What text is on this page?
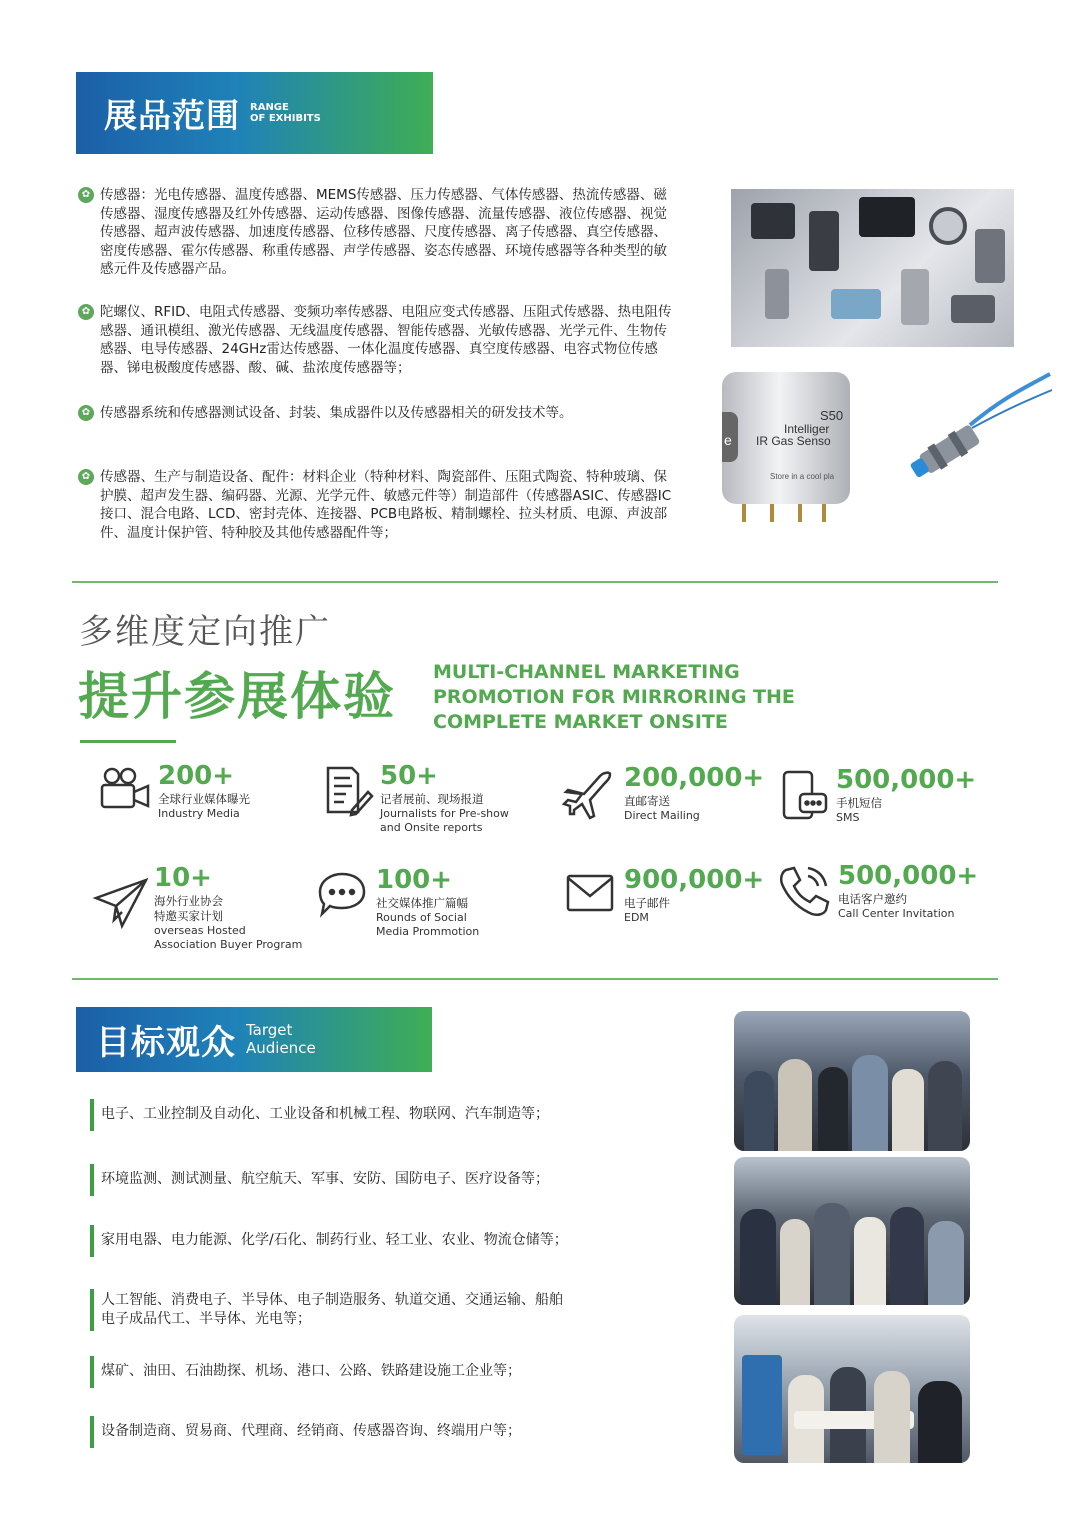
展品范围 RANGE
OF EXHIBITS
✿ 传感器：光电传感器、温度传感器、MEMS传感器、压力传感器、气体传感器、热流传感器、磁传感器、湿度传感器及红外传感器、运动传感器、图像传感器、流量传感器、液位传感器、视觉传感器、超声波传感器、加速度传感器、位移传感器、尺度传感器、离子传感器、真空传感器、密度传感器、霍尔传感器、称重传感器、声学传感器、姿态传感器、环境传感器等各种类型的敏感元件及传感器产品。
✿ 陀螺仪、RFID、电阻式传感器、变频功率传感器、电阻应变式传感器、压阻式传感器、热电阻传感器、通讯模组、激光传感器、无线温度传感器、智能传感器、光敏传感器、光学元件、生物传感器、电导传感器、24GHz雷达传感器、一体化温度传感器、真空度传感器、电容式物位传感器、锑电极酸度传感器、酸、碱、盐浓度传感器等；
✿ 传感器系统和传感器测试设备、封装、集成器件以及传感器相关的研发技术等。
✿ 传感器、生产与制造设备、配件：材料企业（特种材料、陶瓷部件、压阻式陶瓷、特种玻璃、保护膜、超声发生器、编码器、光源、光学元件、敏感元件等）制造部件（传感器ASIC、传感器IC接口、混合电路、LCD、密封壳体、连接器、PCB电路板、精制螺栓、拉头材质、电源、声波部件、温度计保护管、特种胶及其他传感器配件等；
e
S50
Intelliger
IR Gas Senso
Store in a cool pla
多维度定向推广
提升参展体验 MULTI-CHANNEL MARKETING
PROMOTION FOR MIRRORING THE
COMPLETE MARKET ONSITE
200+
全球行业媒体曝光
Industry Media
50+
记者展前、现场报道
Journalists for Pre-show
and Onsite reports
200,000+
直邮寄送
Direct Mailing
500,000+
手机短信
SMS
10+
海外行业协会
特邀买家计划
overseas Hosted
Association Buyer Program
100+
社交媒体推广篇幅
Rounds of Social
Media Prommotion
900,000+
电子邮件
EDM
500,000+
电话客户邀约
Call Center Invitation
目标观众 Target
Audience
电子、工业控制及自动化、工业设备和机械工程、物联网、汽车制造等；
环境监测、测试测量、航空航天、军事、安防、国防电子、医疗设备等；
家用电器、电力能源、化学/石化、制药行业、轻工业、农业、物流仓储等；
人工智能、消费电子、半导体、电子制造服务、轨道交通、交通运输、船舶
电子成品代工、半导体、光电等；
煤矿、油田、石油勘探、机场、港口、公路、铁路建设施工企业等；
设备制造商、贸易商、代理商、经销商、传感器咨询、终端用户等；
